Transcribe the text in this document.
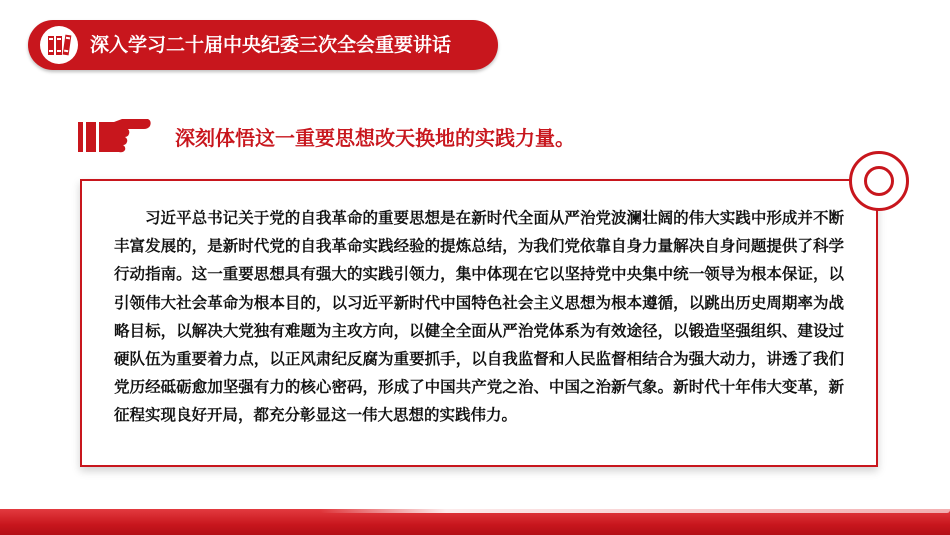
深入学习二十届中央纪委三次全会重要讲话
深刻体悟这一重要思想改天换地的实践力量。

习近平总书记关于党的自我革命的重要思想是在新时代全面从严治党波澜壮阔的伟大实践中形成并不断丰富发展的，是新时代党的自我革命实践经验的提炼总结，为我们党依靠自身力量解决自身问题提供了科学行动指南。这一重要思想具有强大的实践引领力，集中体现在它以坚持党中央集中统一领导为根本保证，以引领伟大社会革命为根本目的，以习近平新时代中国特色社会主义思想为根本遵循，以跳出历史周期率为战略目标，以解决大党独有难题为主攻方向，以健全全面从严治党体系为有效途径，以锻造坚强组织、建设过硬队伍为重要着力点，以正风肃纪反腐为重要抓手，以自我监督和人民监督相结合为强大动力，讲透了我们党历经砥砺愈加坚强有力的核心密码，形成了中国共产党之治、中国之治新气象。新时代十年伟大变革，新征程实现良好开局，都充分彰显这一伟大思想的实践伟力。
